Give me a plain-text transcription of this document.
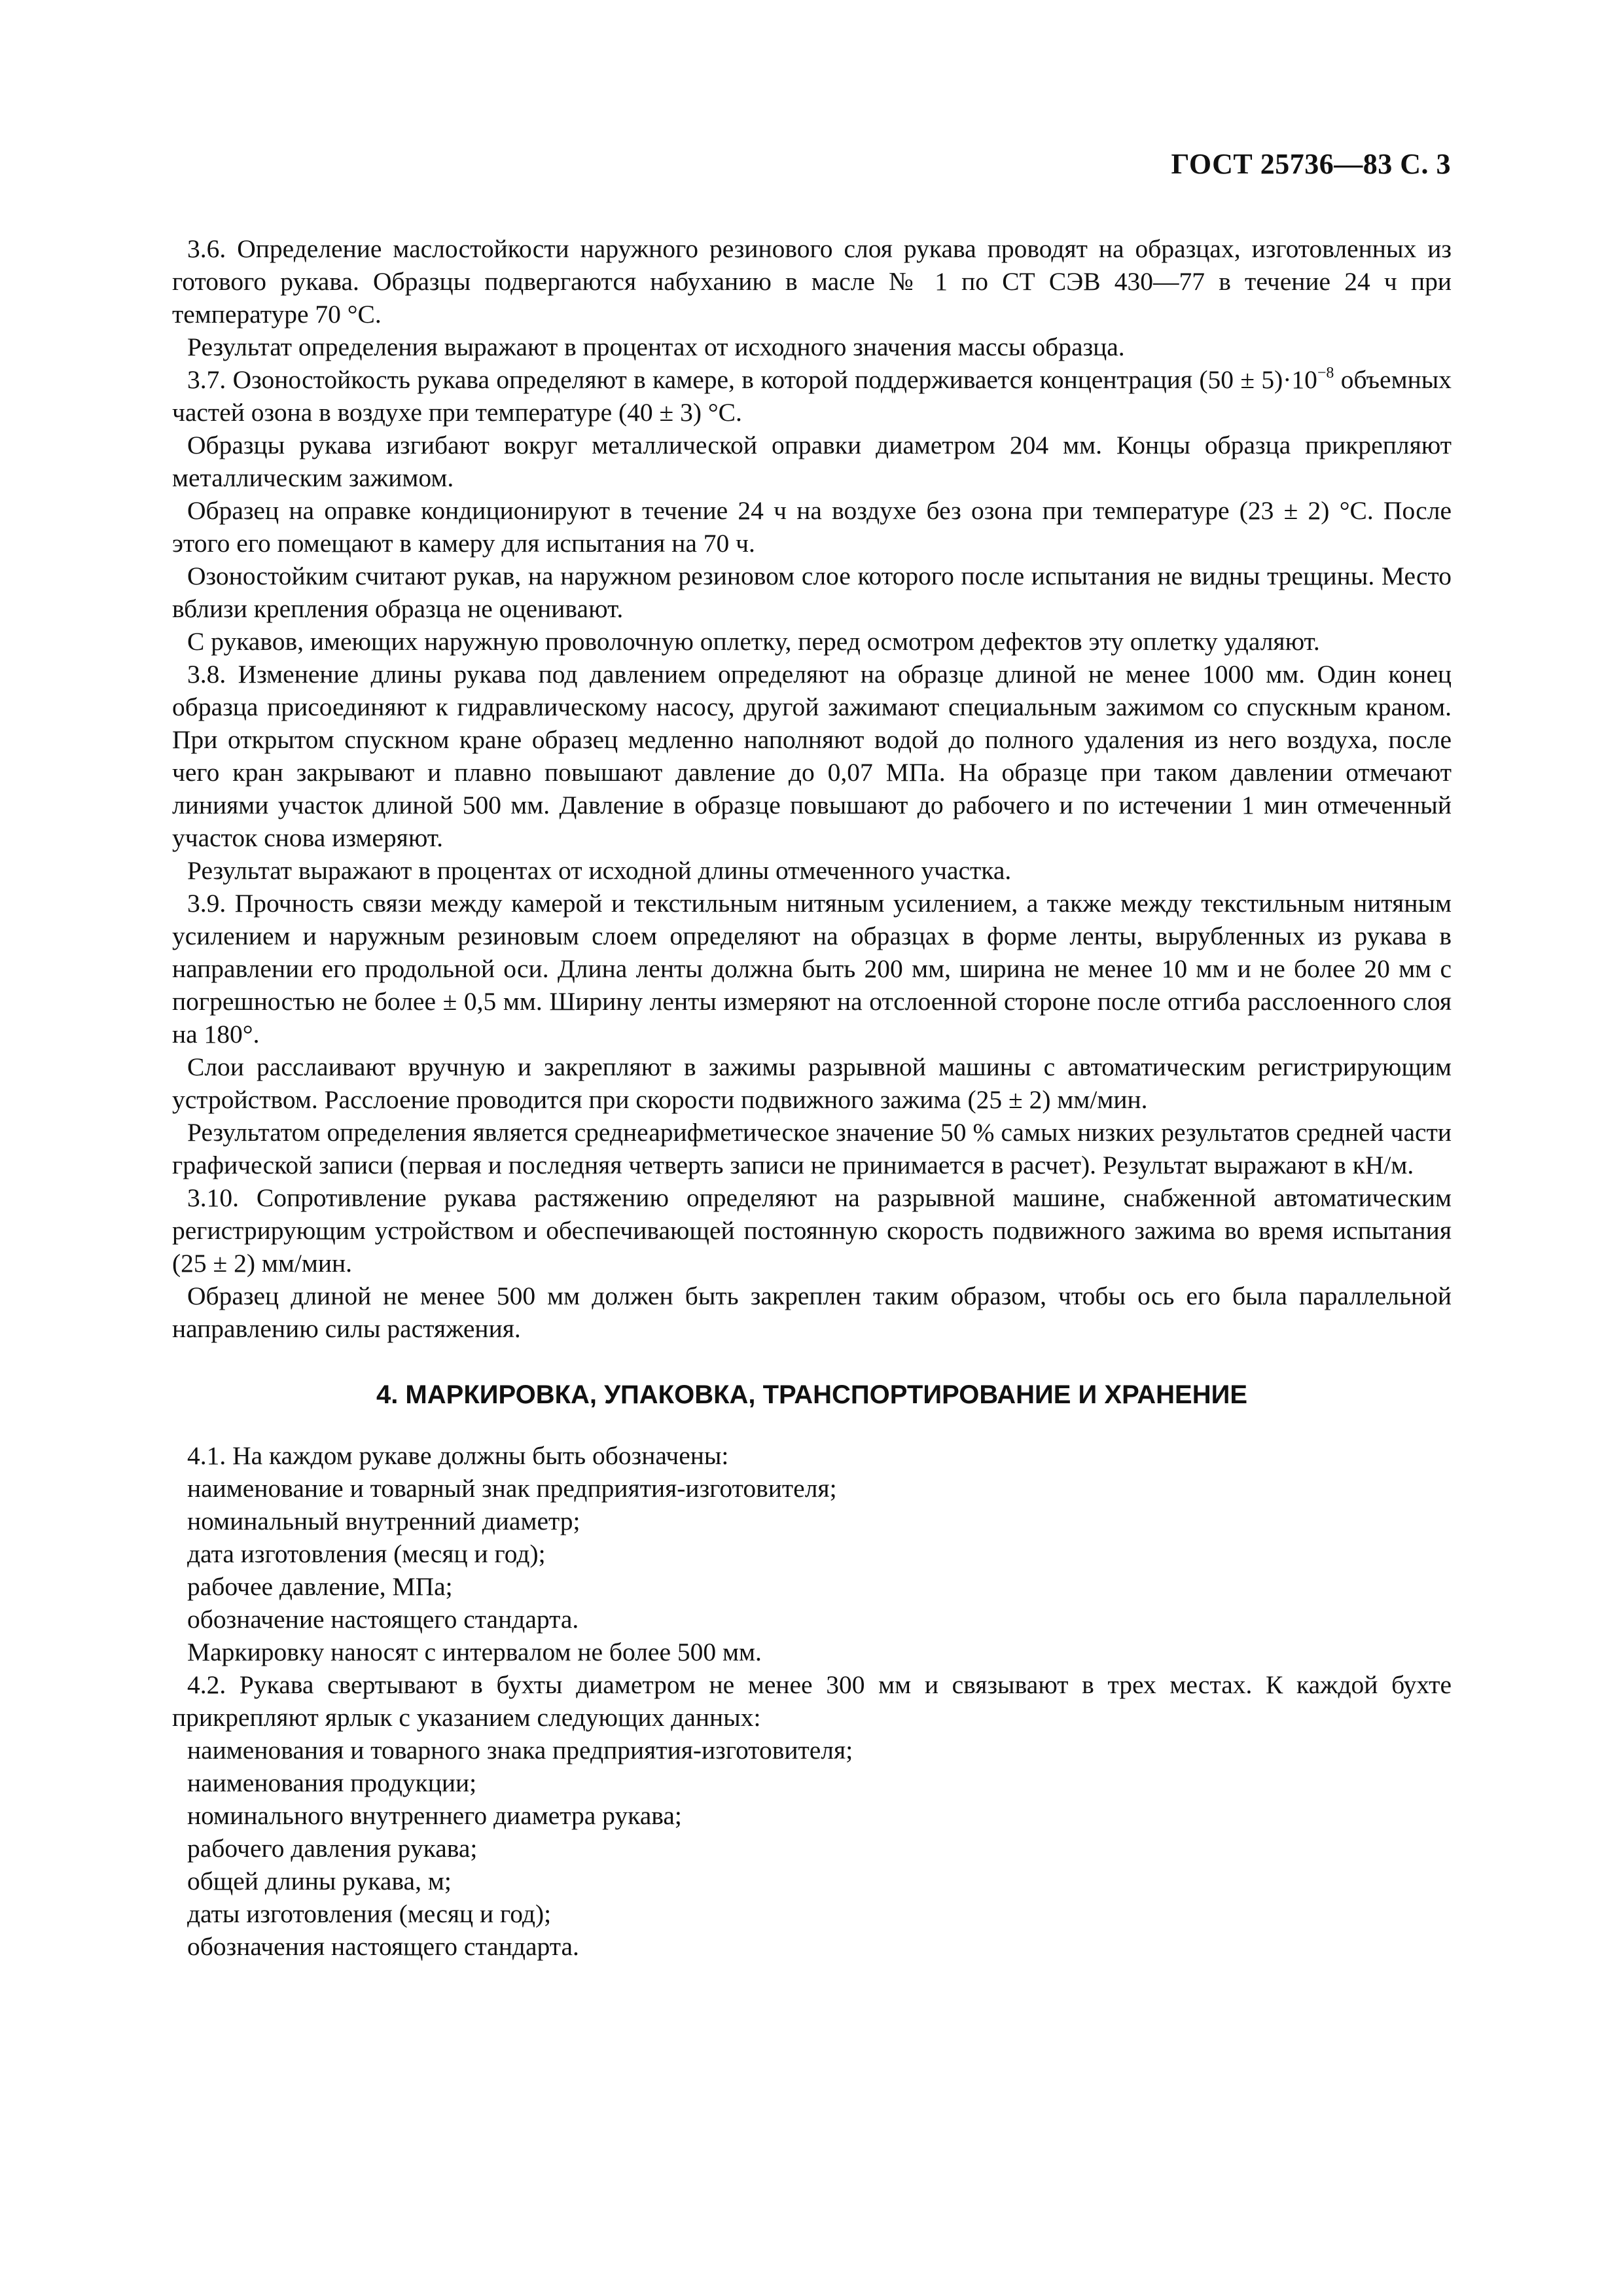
ГОСТ 25736—83 С. 3

3.6. Определение маслостойкости наружного резинового слоя рукава проводят на образцах, изготовленных из готового рукава. Образцы подвергаются набуханию в масле № 1 по СТ СЭВ 430—77 в течение 24 ч при температуре 70 °С.

Результат определения выражают в процентах от исходного значения массы образца.

3.7. Озоностойкость рукава определяют в камере, в которой поддерживается концентрация $(50 \pm 5)\cdot 10^{-8}$ объемных частей озона в воздухе при температуре (40 ± 3) °С.

Образцы рукава изгибают вокруг металлической оправки диаметром 204 мм. Концы образца прикрепляют металлическим зажимом.

Образец на оправке кондиционируют в течение 24 ч на воздухе без озона при температуре (23 ± 2) °С. После этого его помещают в камеру для испытания на 70 ч.

Озоностойким считают рукав, на наружном резиновом слое которого после испытания не видны трещины. Место вблизи крепления образца не оценивают.

С рукавов, имеющих наружную проволочную оплетку, перед осмотром дефектов эту оплетку удаляют.

3.8. Изменение длины рукава под давлением определяют на образце длиной не менее 1000 мм. Один конец образца присоединяют к гидравлическому насосу, другой зажимают специальным зажимом со спускным краном. При открытом спускном кране образец медленно наполняют водой до полного удаления из него воздуха, после чего кран закрывают и плавно повышают давление до 0,07 МПа. На образце при таком давлении отмечают линиями участок длиной 500 мм. Давление в образце повышают до рабочего и по истечении 1 мин отмеченный участок снова измеряют.

Результат выражают в процентах от исходной длины отмеченного участка.

3.9. Прочность связи между камерой и текстильным нитяным усилением, а также между текстильным нитяным усилением и наружным резиновым слоем определяют на образцах в форме ленты, вырубленных из рукава в направлении его продольной оси. Длина ленты должна быть 200 мм, ширина не менее 10 мм и не более 20 мм с погрешностью не более ± 0,5 мм. Ширину ленты измеряют на отслоенной стороне после отгиба расслоенного слоя на 180°.

Слои расслаивают вручную и закрепляют в зажимы разрывной машины с автоматическим регистрирующим устройством. Расслоение проводится при скорости подвижного зажима (25 ± 2) мм/мин.

Результатом определения является среднеарифметическое значение 50 % самых низких результатов средней части графической записи (первая и последняя четверть записи не принимается в расчет). Результат выражают в кН/м.

3.10. Сопротивление рукава растяжению определяют на разрывной машине, снабженной автоматическим регистрирующим устройством и обеспечивающей постоянную скорость подвижного зажима во время испытания (25 ± 2) мм/мин.

Образец длиной не менее 500 мм должен быть закреплен таким образом, чтобы ось его была параллельной направлению силы растяжения.

4. МАРКИРОВКА, УПАКОВКА, ТРАНСПОРТИРОВАНИЕ И ХРАНЕНИЕ

4.1. На каждом рукаве должны быть обозначены:

наименование и товарный знак предприятия-изготовителя;

номинальный внутренний диаметр;

дата изготовления (месяц и год);

рабочее давление, МПа;

обозначение настоящего стандарта.

Маркировку наносят с интервалом не более 500 мм.

4.2. Рукава свертывают в бухты диаметром не менее 300 мм и связывают в трех местах. К каждой бухте прикрепляют ярлык с указанием следующих данных:

наименования и товарного знака предприятия-изготовителя;

наименования продукции;

номинального внутреннего диаметра рукава;

рабочего давления рукава;

общей длины рукава, м;

даты изготовления (месяц и год);

обозначения настоящего стандарта.
